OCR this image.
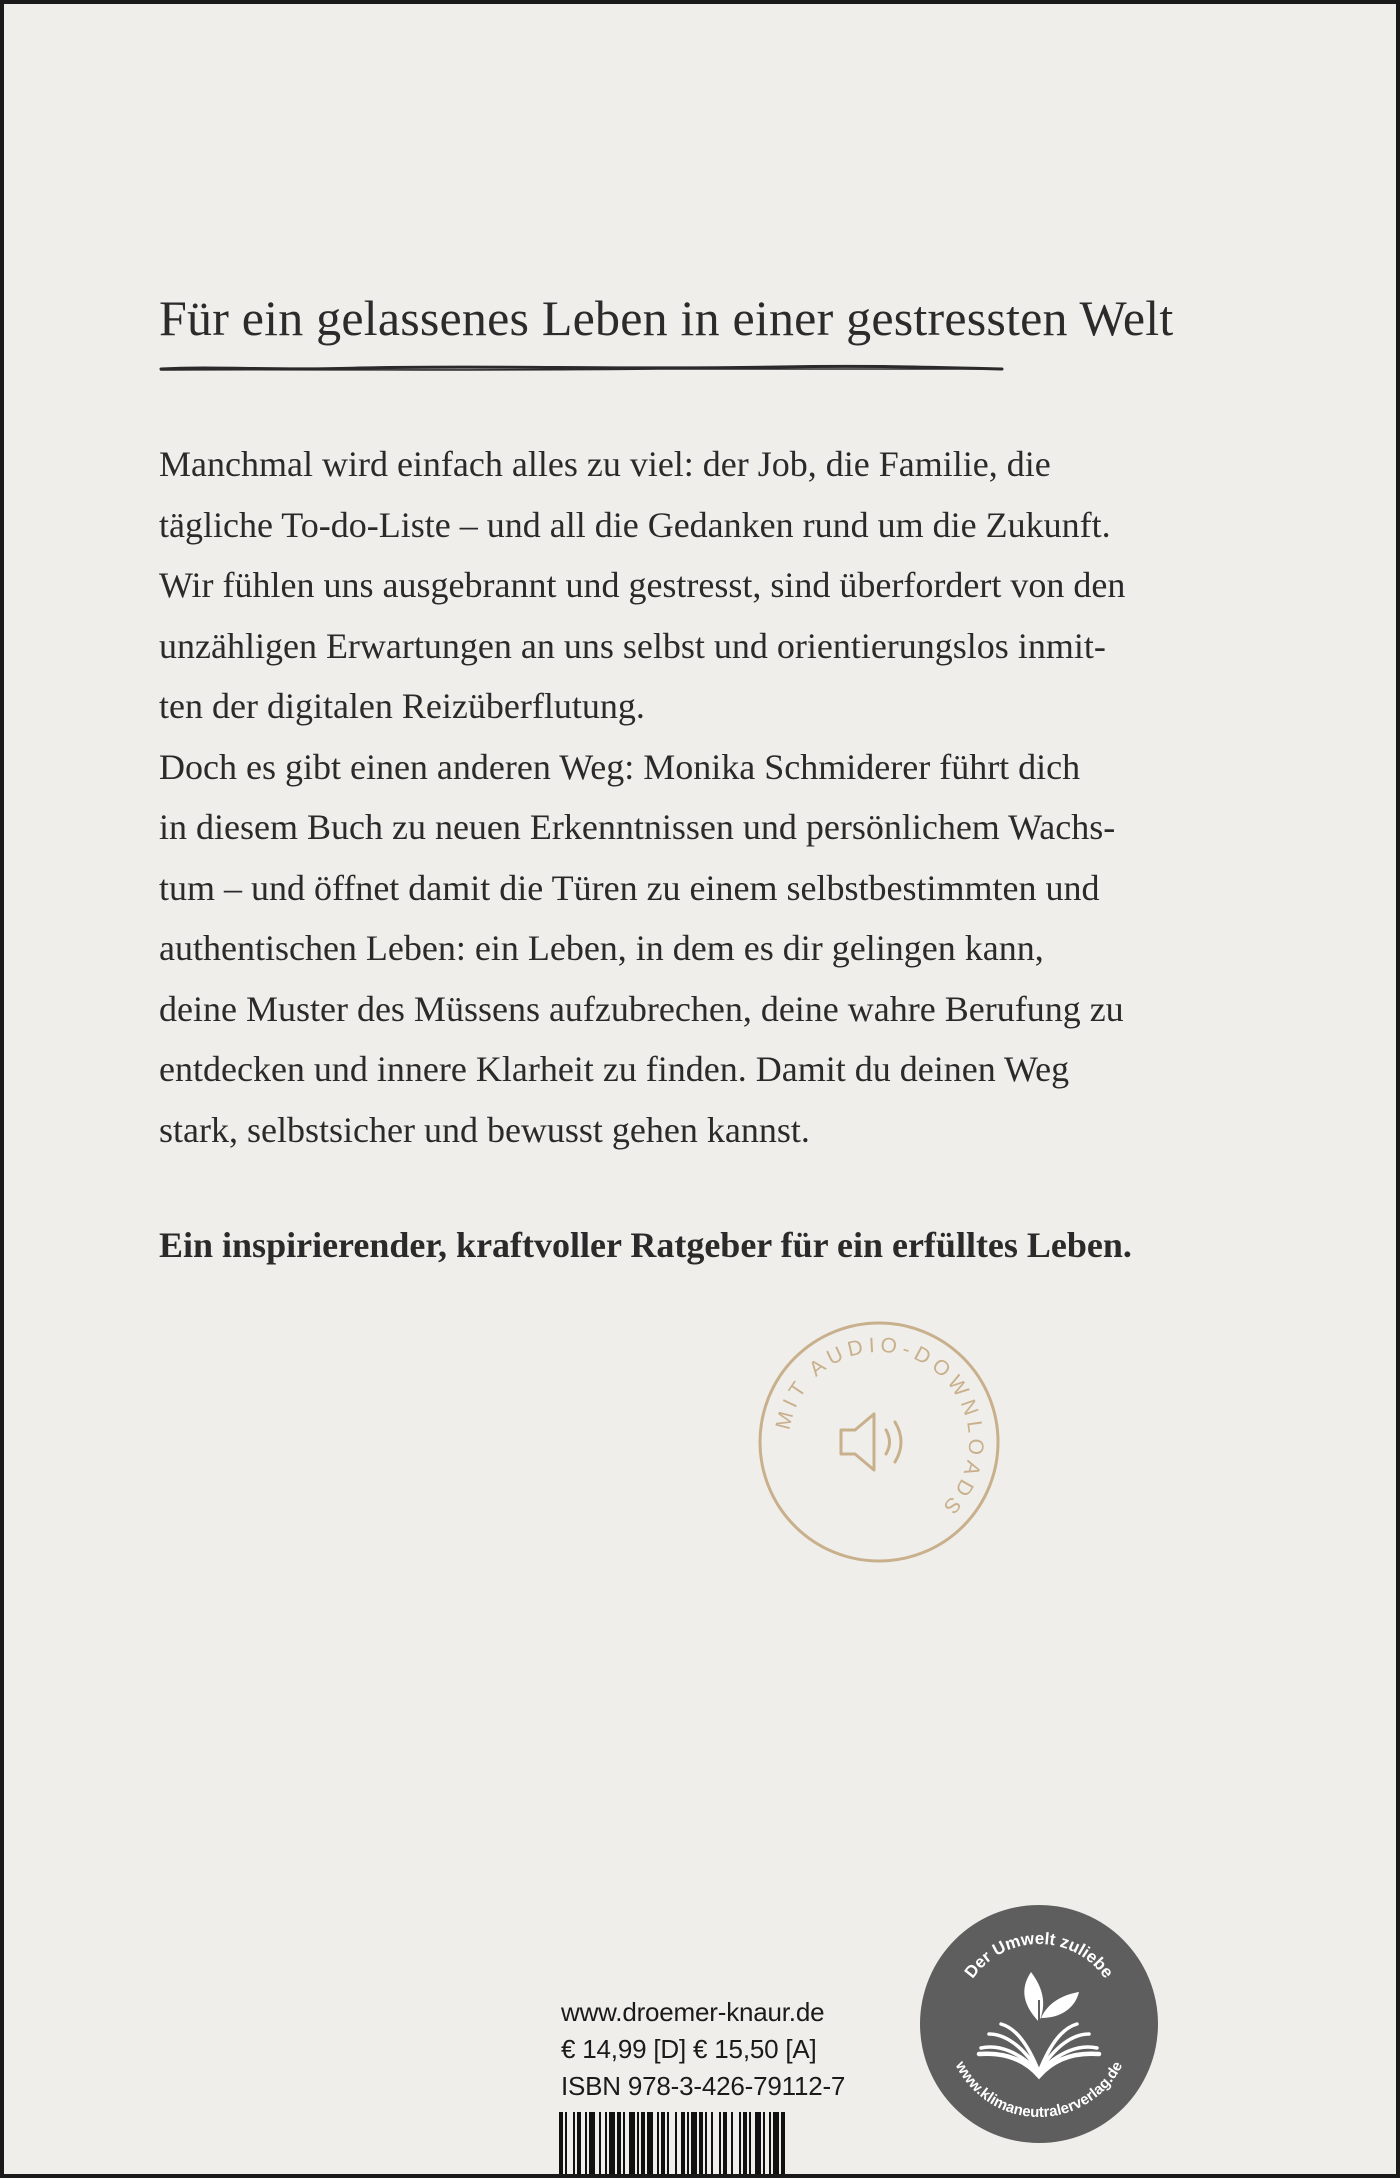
Für ein gelassenes Leben in einer gestressten Welt
Manchmal wird einfach alles zu viel: der Job, die Familie, die
tägliche To-do-Liste – und all die Gedanken rund um die Zukunft.
Wir fühlen uns ausgebrannt und gestresst, sind überfordert von den
unzähligen Erwartungen an uns selbst und orientierungslos inmit-
ten der digitalen Reizüberflutung.
Doch es gibt einen anderen Weg: Monika Schmiderer führt dich
in diesem Buch zu neuen Erkenntnissen und persönlichem Wachs-
tum – und öffnet damit die Türen zu einem selbstbestimmten und
authentischen Leben: ein Leben, in dem es dir gelingen kann,
deine Muster des Müssens aufzubrechen, deine wahre Berufung zu
entdecken und innere Klarheit zu finden. Damit du deinen Weg
stark, selbstsicher und bewusst gehen kannst.
Ein inspirierender, kraftvoller Ratgeber für ein erfülltes Leben.
MIT AUDIO-DOWNLOADS
Der Umwelt zuliebe
www.klimaneutralerverlag.de
www.droemer-knaur.de
€ 14,99 [D] € 15,50 [A]
ISBN 978-3-426-79112-7
